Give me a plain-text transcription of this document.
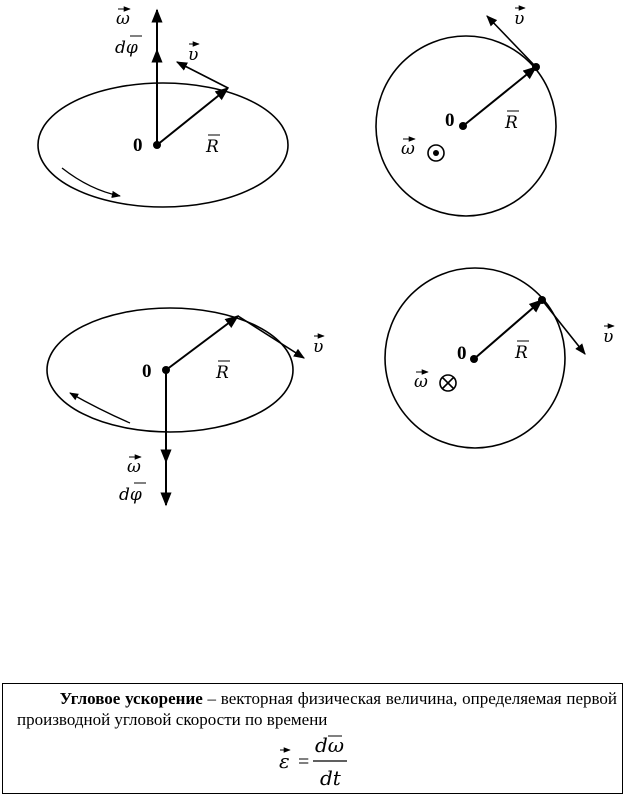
0
ω
dφ	υ
R
0
υ
R
ω
0
υ
R
ω
dφ
0
υ
R
ω
Угловое ускорение – векторная физическая величина, определяемая первой производной угловой скорости по времени
ε =
dω
dt
